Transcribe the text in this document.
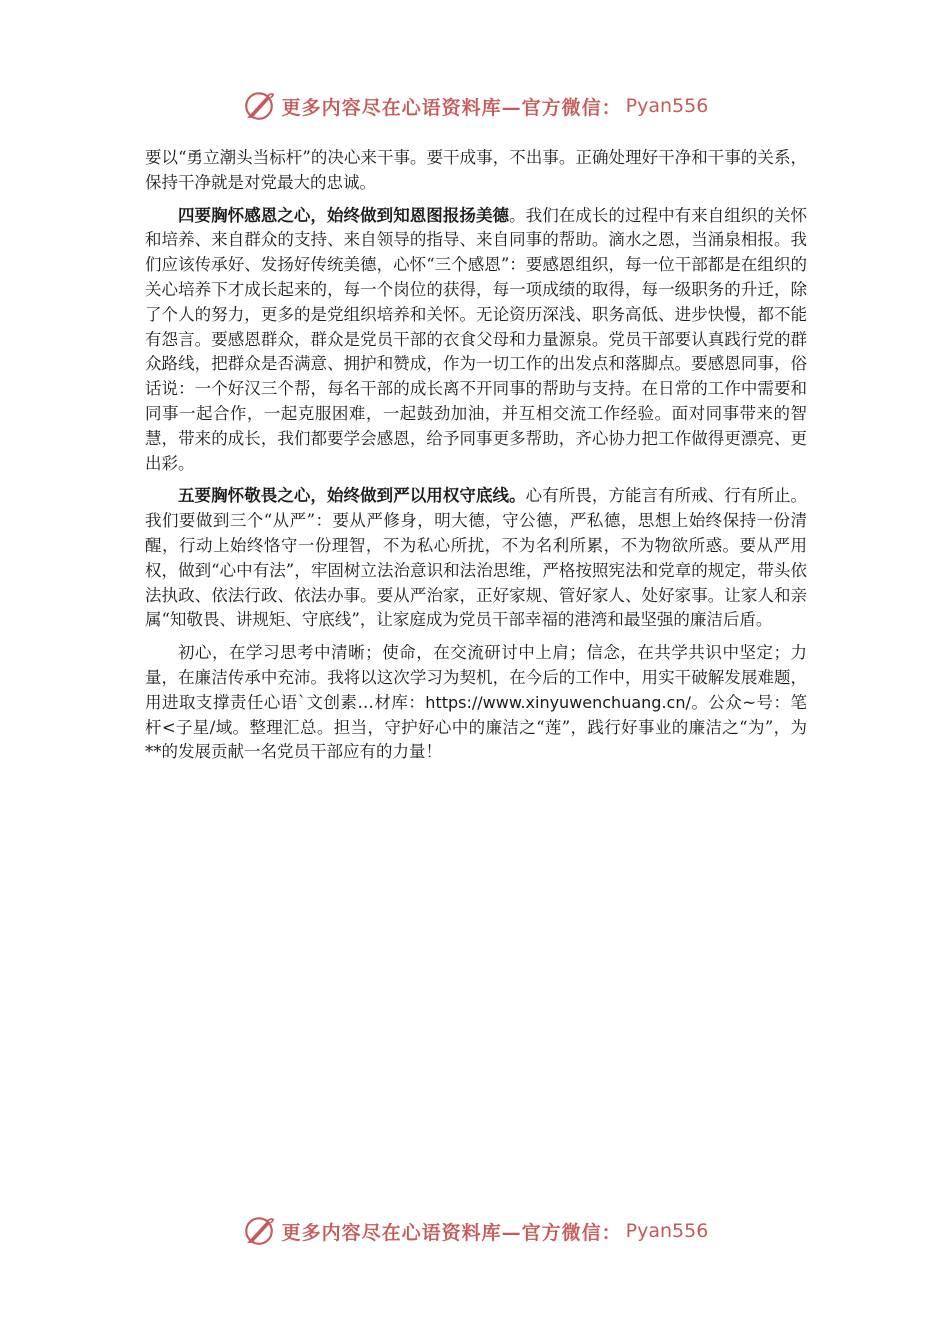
更多内容尽在心语资料库—官方微信： Pyan556

要以“勇立潮头当标杆”的决心来干事。要干成事，不出事。正确处理好干净和干事的关系，保持干净就是对党最大的忠诚。

四要胸怀感恩之心，始终做到知恩图报扬美德。我们在成长的过程中有来自组织的关怀和培养、来自群众的支持、来自领导的指导、来自同事的帮助。滴水之恩，当涌泉相报。我们应该传承好、发扬好传统美德，心怀“三个感恩”：要感恩组织，每一位干部都是在组织的关心培养下才成长起来的，每一个岗位的获得，每一项成绩的取得，每一级职务的升迁，除了个人的努力，更多的是党组织培养和关怀。无论资历深浅、职务高低、进步快慢，都不能有怨言。要感恩群众，群众是党员干部的衣食父母和力量源泉。党员干部要认真践行党的群众路线，把群众是否满意、拥护和赞成，作为一切工作的出发点和落脚点。要感恩同事，俗话说：一个好汉三个帮，每名干部的成长离不开同事的帮助与支持。在日常的工作中需要和同事一起合作，一起克服困难，一起鼓劲加油，并互相交流工作经验。面对同事带来的智慧，带来的成长，我们都要学会感恩，给予同事更多帮助，齐心协力把工作做得更漂亮、更出彩。

五要胸怀敬畏之心，始终做到严以用权守底线。心有所畏，方能言有所戒、行有所止。我们要做到三个“从严”：要从严修身，明大德，守公德，严私德，思想上始终保持一份清醒，行动上始终恪守一份理智，不为私心所扰，不为名利所累，不为物欲所惑。要从严用权，做到“心中有法”，牢固树立法治意识和法治思维，严格按照宪法和党章的规定，带头依法执政、依法行政、依法办事。要从严治家，正好家规、管好家人、处好家事。让家人和亲属“知敬畏、讲规矩、守底线”，让家庭成为党员干部幸福的港湾和最坚强的廉洁后盾。

初心，在学习思考中清晰；使命，在交流研讨中上肩；信念，在共学共识中坚定；力量，在廉洁传承中充沛。我将以这次学习为契机，在今后的工作中，用实干破解发展难题，用进取支撑责任心语`文创素…材库：https://www.xinyuwenchuang.cn/。公众~号：笔杆<子星/域。整理汇总。担当，守护好心中的廉洁之“莲”，践行好事业的廉洁之“为”，为**的发展贡献一名党员干部应有的力量！

更多内容尽在心语资料库—官方微信： Pyan556
